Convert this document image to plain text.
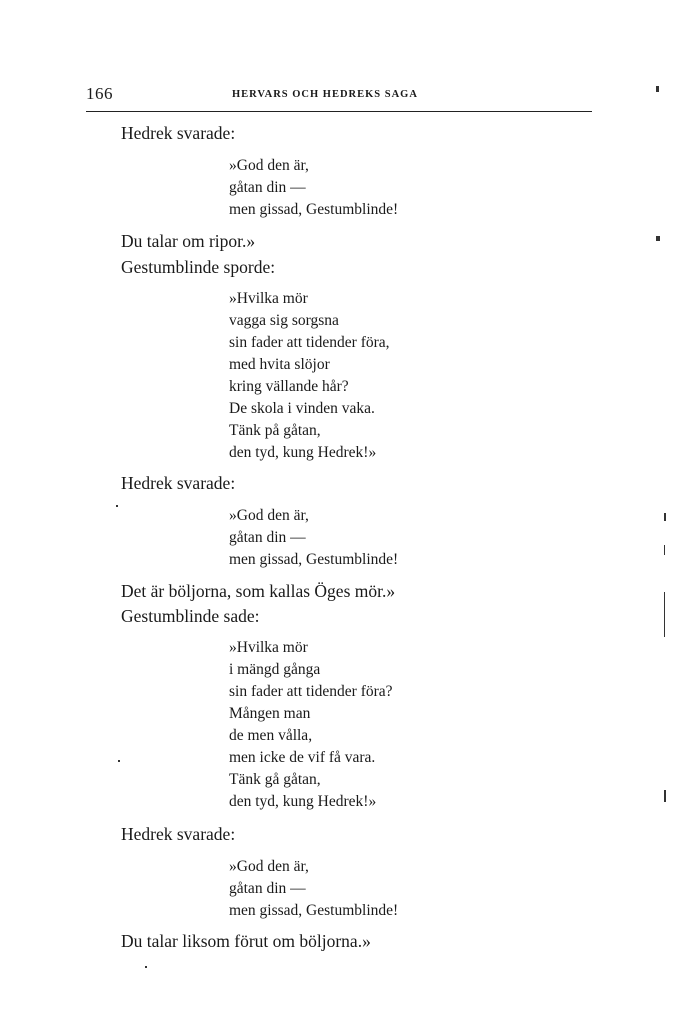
166	HERVARS OCH HEDREKS SAGA
Hedrek svarade:
»God den är,
gåtan din —
men gissad, Gestumblinde!
Du talar om ripor.»
Gestumblinde sporde:
»Hvilka mör
vagga sig sorgsna
sin fader att tidender föra,
med hvita slöjor
kring vällande hår?
De skola i vinden vaka.
Tänk på gåtan,
den tyd, kung Hedrek!»
Hedrek svarade:
»God den är,
gåtan din —
men gissad, Gestumblinde!
Det är böljorna, som kallas Öges mör.»
Gestumblinde sade:
»Hvilka mör
i mängd gånga
sin fader att tidender föra?
Mången man
de men vålla,
men icke de vif få vara.
Tänk gå gåtan,
den tyd, kung Hedrek!»
Hedrek svarade:
»God den är,
gåtan din —
men gissad, Gestumblinde!
Du talar liksom förut om böljorna.»
